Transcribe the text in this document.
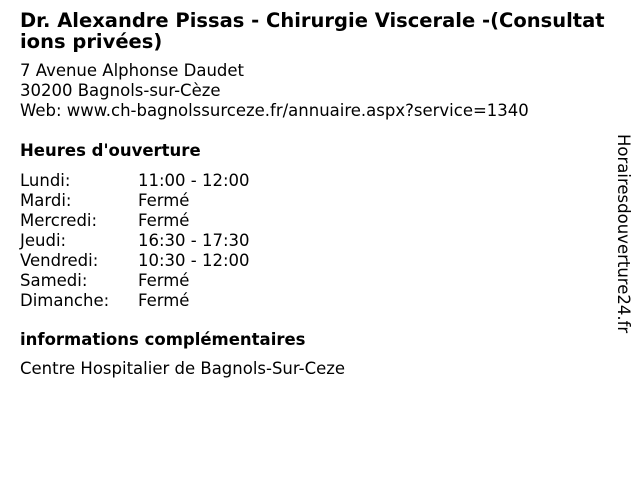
Dr. Alexandre Pissas - Chirurgie Viscerale -(Consultations privées)
7 Avenue Alphonse Daudet
30200 Bagnols-sur-Cèze
Web: www.ch-bagnolssurceze.fr/annuaire.aspx?service=1340
Heures d'ouverture
Lundi:	11:00 - 12:00
Mardi:	Fermé
Mercredi: Fermé
Jeudi:	16:30 - 17:30
Vendredi: 10:30 - 12:00
Samedi:	Fermé
Dimanche: Fermé
informations complémentaires
Centre Hospitalier de Bagnols-Sur-Ceze
Horairesdouverture24.fr
